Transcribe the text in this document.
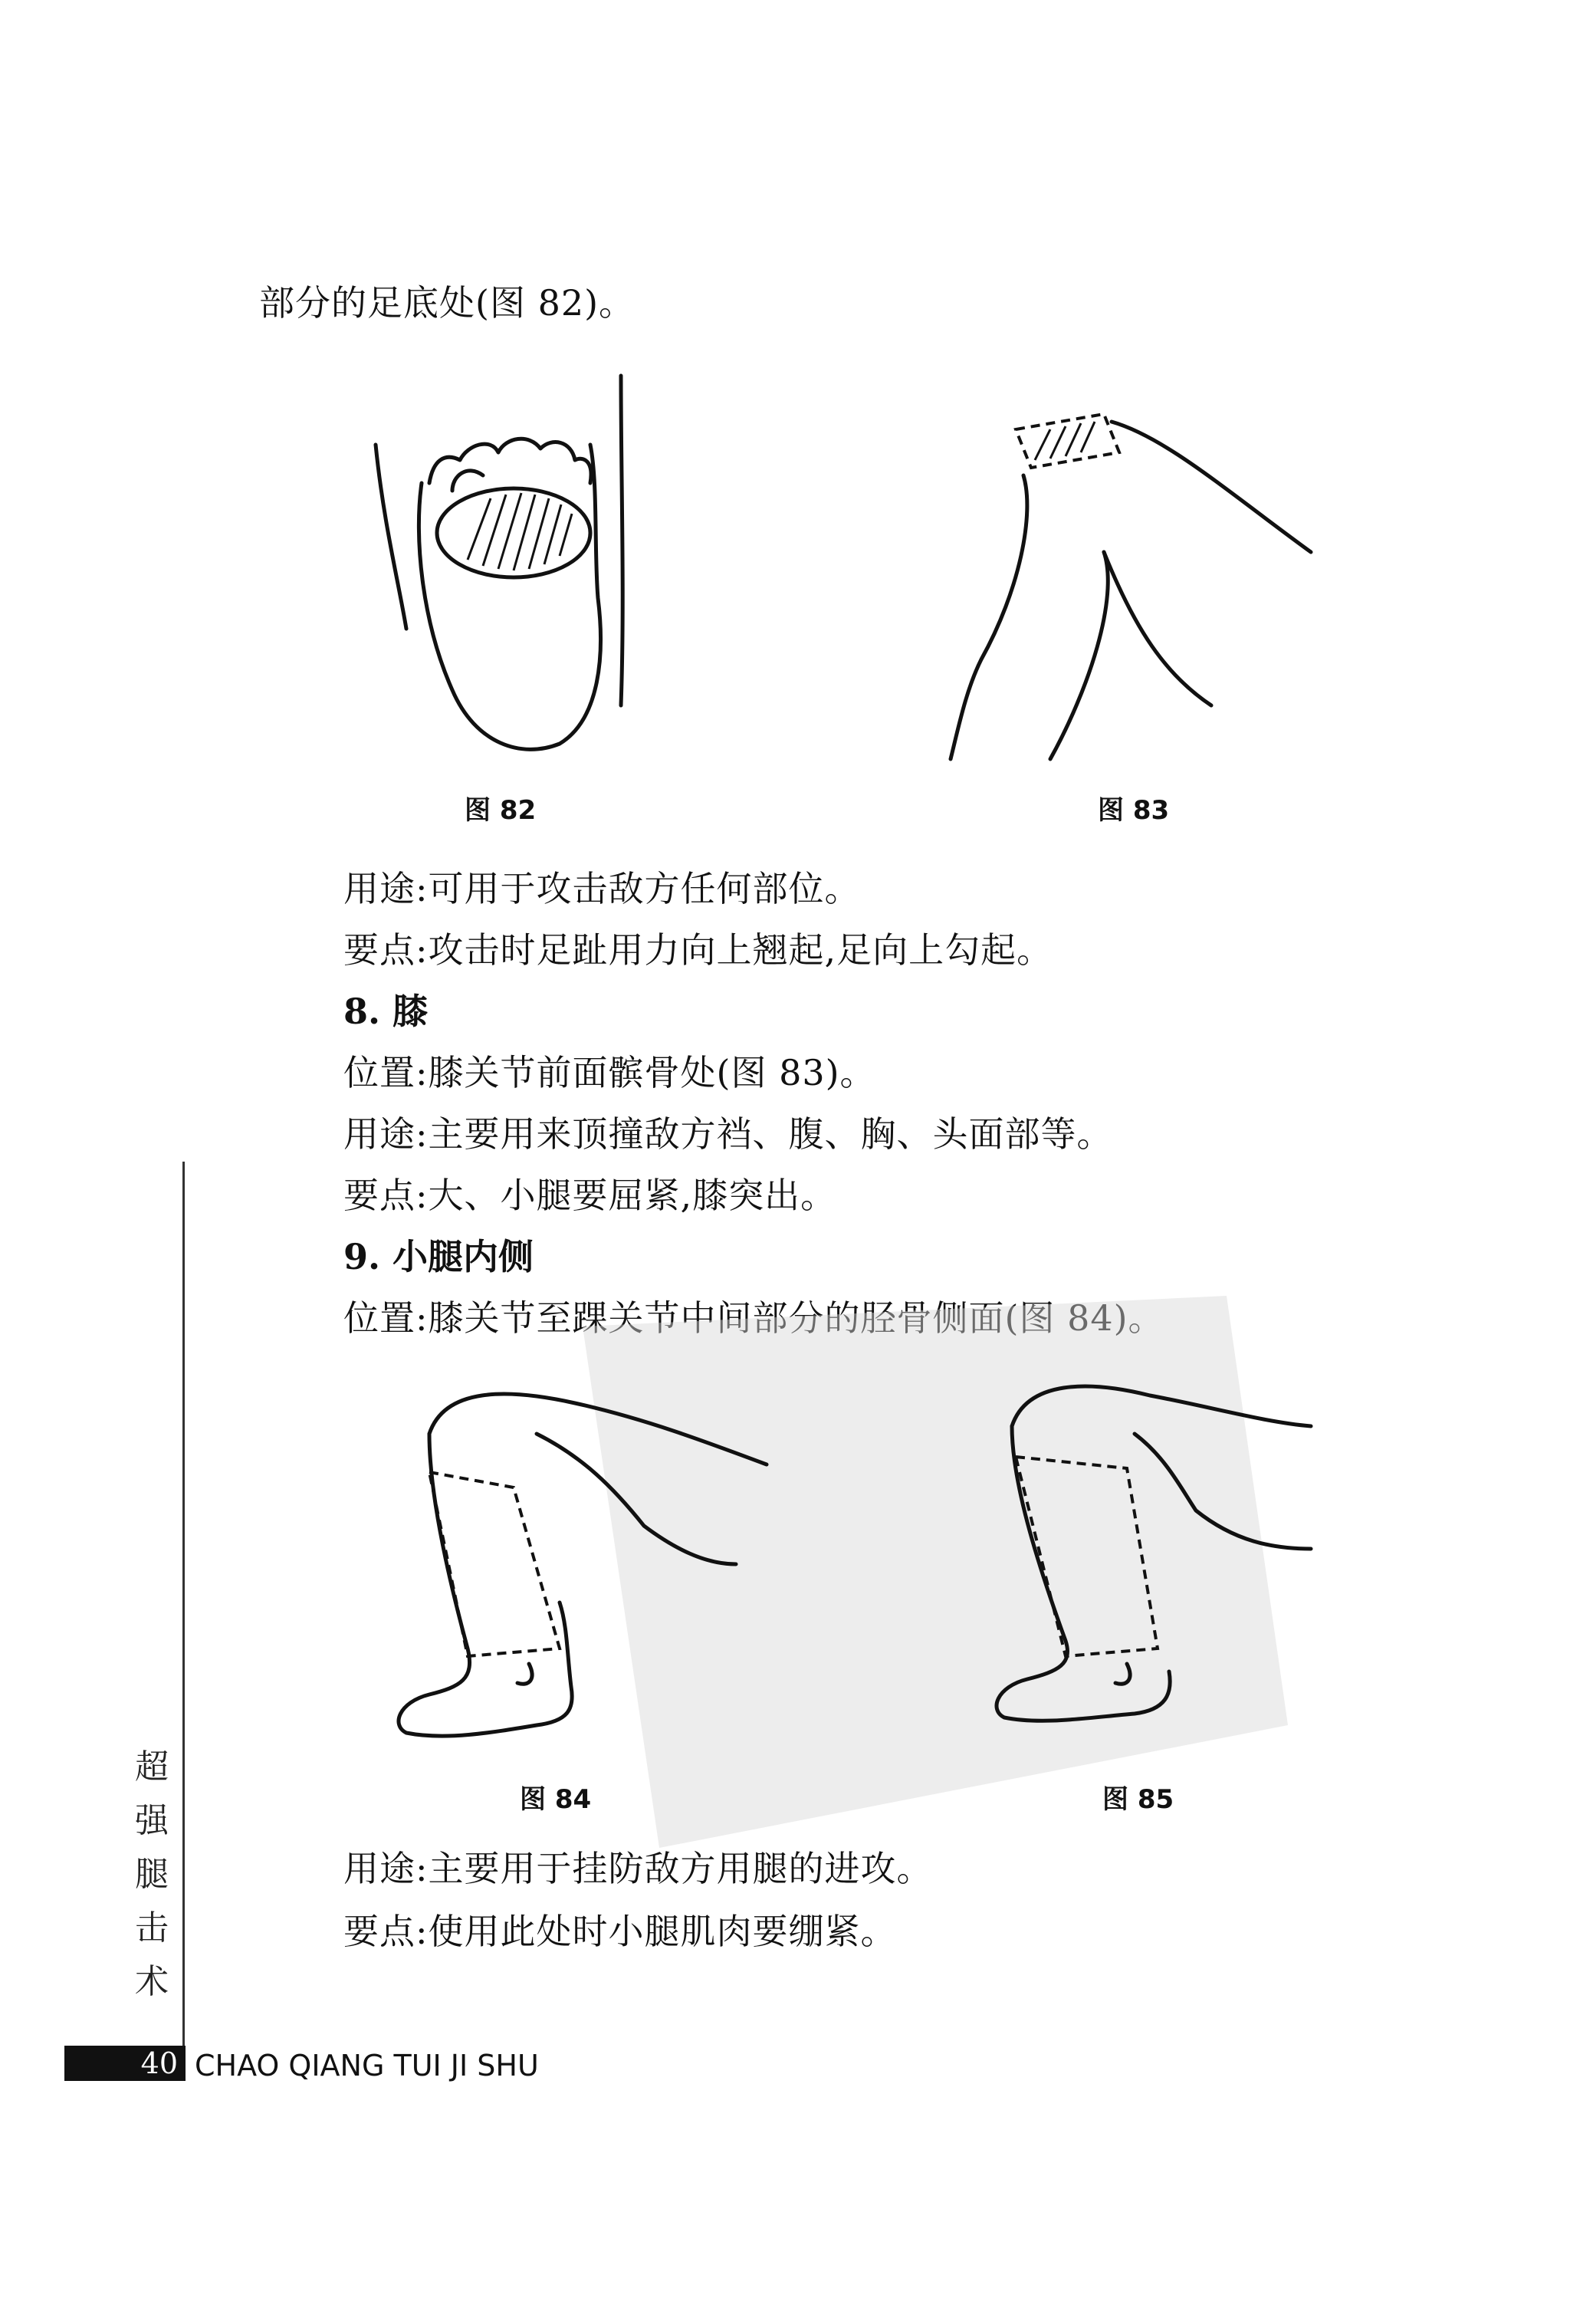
部分的足底处(图 82)。
图 82	图 83
用途:可用于攻击敌方任何部位。
要点:攻击时足趾用力向上翘起,足向上勾起。
8. 膝
位置:膝关节前面髌骨处(图 83)。
用途:主要用来顶撞敌方裆、腹、胸、头面部等。
要点:大、小腿要屈紧,膝突出。
9. 小腿内侧
位置:膝关节至踝关节中间部分的胫骨侧面(图 84)。
图 84	图 85
用途:主要用于挂防敌方用腿的进攻。
要点:使用此处时小腿肌肉要绷紧。
超强腿击术
40 CHAO QIANG TUI JI SHU
